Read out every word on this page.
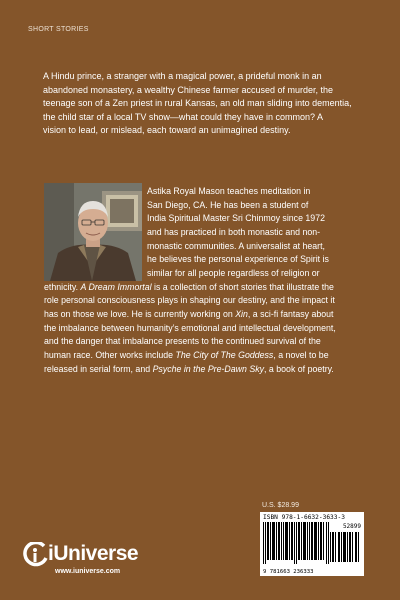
SHORT STORIES

A Hindu prince, a stranger with a magical power, a prideful monk in an
abandoned monastery, a wealthy Chinese farmer accused of murder, the
teenage son of a Zen priest in rural Kansas, an old man sliding into dementia,
the child star of a local TV show—what could they have in common? A
vision to lead, or mislead, each toward an unimagined destiny.

Astika Royal Mason teaches meditation in
San Diego, CA. He has been a student of
India Spiritual Master Sri Chinmoy since 1972
and has practiced in both monastic and non-
monastic communities. A universalist at heart,
he believes the personal experience of Spirit is
similar for all people regardless of religion or
ethnicity. A Dream Immortal is a collection of short stories that illustrate the
role personal consciousness plays in shaping our destiny, and the impact it
has on those we love. He is currently working on Xin, a sci-fi fantasy about
the imbalance between humanity’s emotional and intellectual development,
and the danger that imbalance presents to the continued survival of the
human race. Other works include The City of The Goddess, a novel to be
released in serial form, and Psyche in the Pre-Dawn Sky, a book of poetry.
U.S. $28.99
ISBN 978-1-6632-3633-3
52899
9 781663 236333
iUniverse
www.iuniverse.com
